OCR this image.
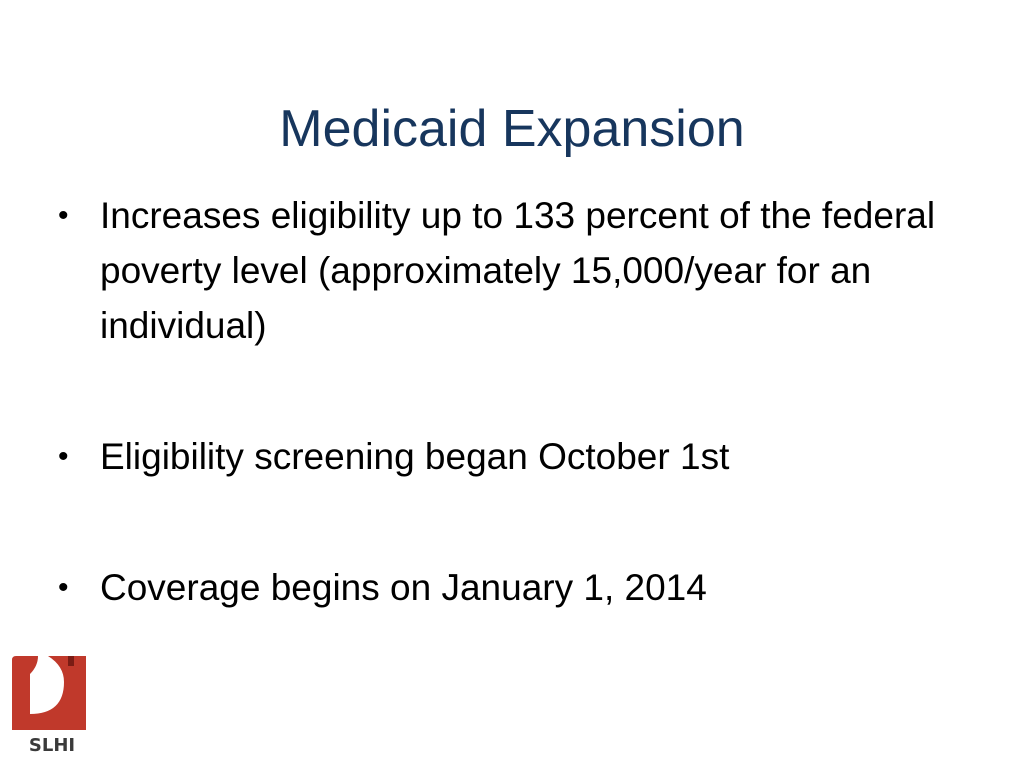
Medicaid Expansion
• Increases eligibility up to 133 percent of the federal poverty level (approximately 15,000/year for an individual)
• Eligibility screening began October 1st
• Coverage begins on January 1, 2014
SLHI
